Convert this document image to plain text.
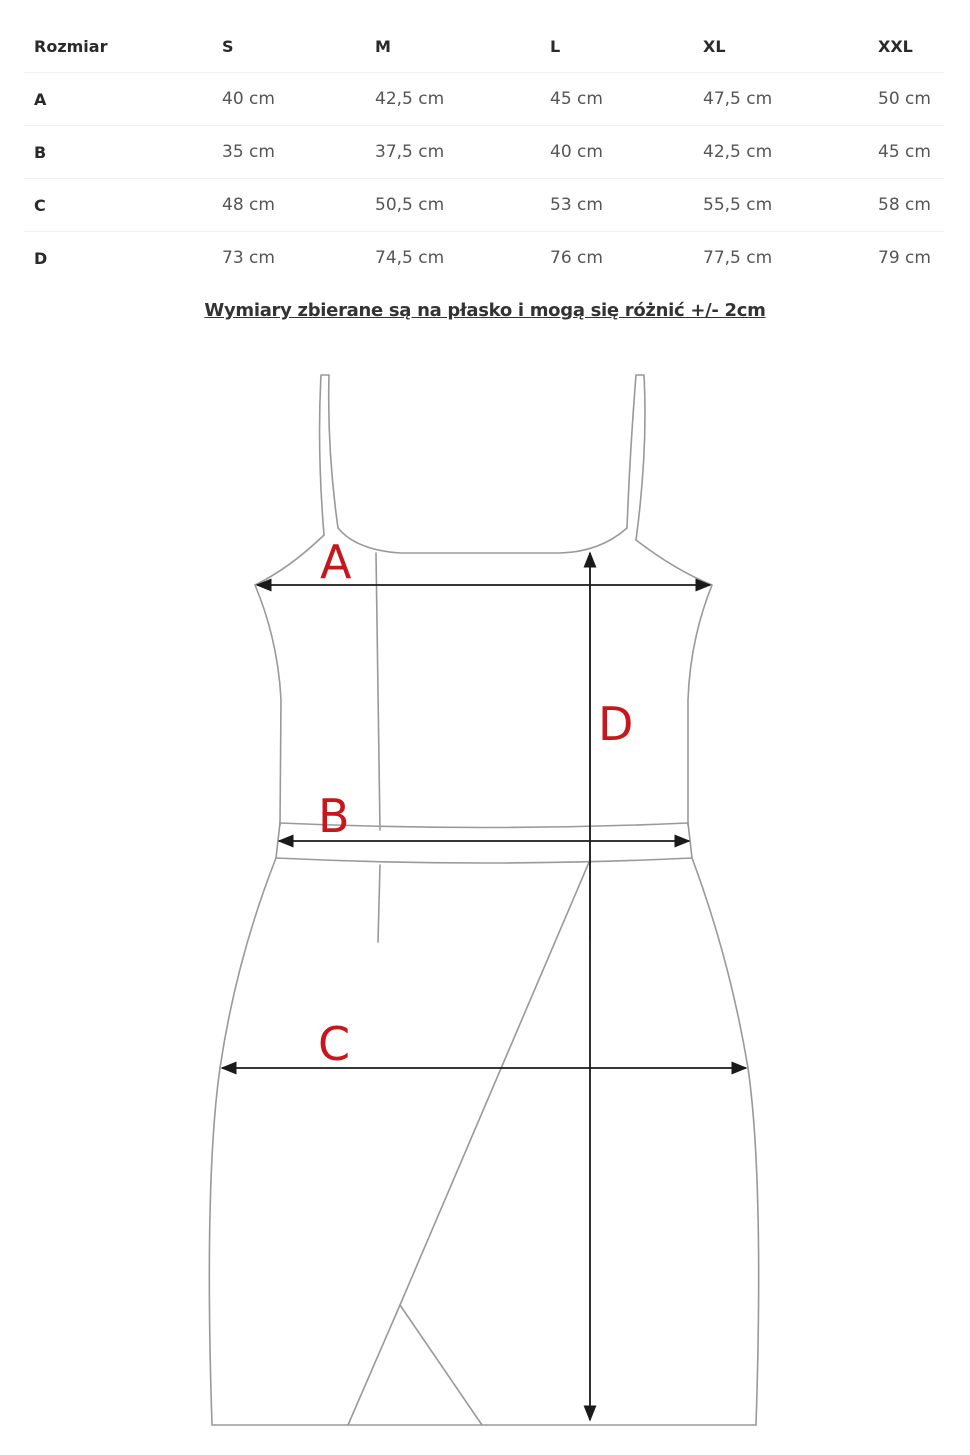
Rozmiar	S	M	L	XL	XXL
A	40 cm	42,5 cm	45 cm	47,5 cm	50 cm
B	35 cm	37,5 cm	40 cm	42,5 cm	45 cm
C	48 cm	50,5 cm	53 cm	55,5 cm	58 cm
D	73 cm	74,5 cm	76 cm	77,5 cm	79 cm
Wymiary zbierane są na płasko i mogą się różnić +/- 2cm
A
B
C
D
